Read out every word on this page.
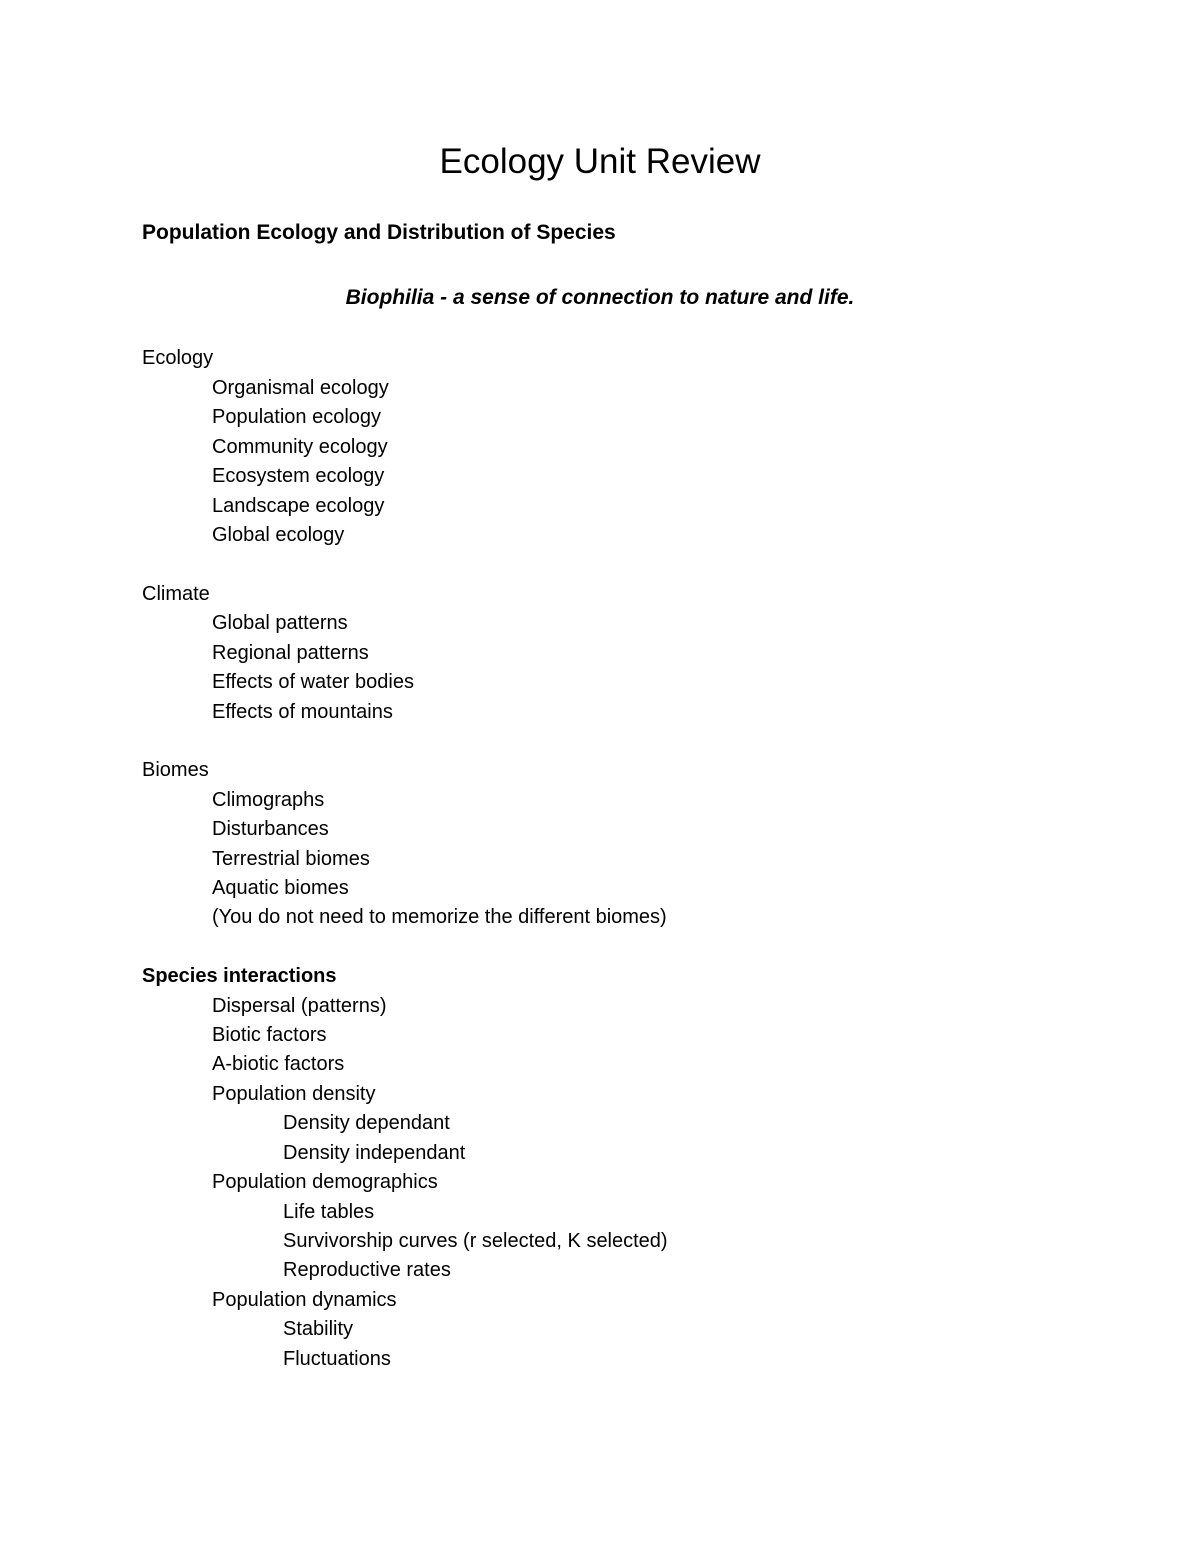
Ecology Unit Review
Population Ecology and Distribution of Species

Biophilia - a sense of connection to nature and life.

Ecology
Organismal ecology
Population ecology
Community ecology
Ecosystem ecology
Landscape ecology
Global ecology
Climate
Global patterns
Regional patterns
Effects of water bodies
Effects of mountains
Biomes
Climographs
Disturbances
Terrestrial biomes
Aquatic biomes
(You do not need to memorize the different biomes)
Species interactions
Dispersal (patterns)
Biotic factors
A-biotic factors
Population density
Density dependant
Density independant
Population demographics
Life tables
Survivorship curves (r selected, K selected)
Reproductive rates
Population dynamics
Stability
Fluctuations
